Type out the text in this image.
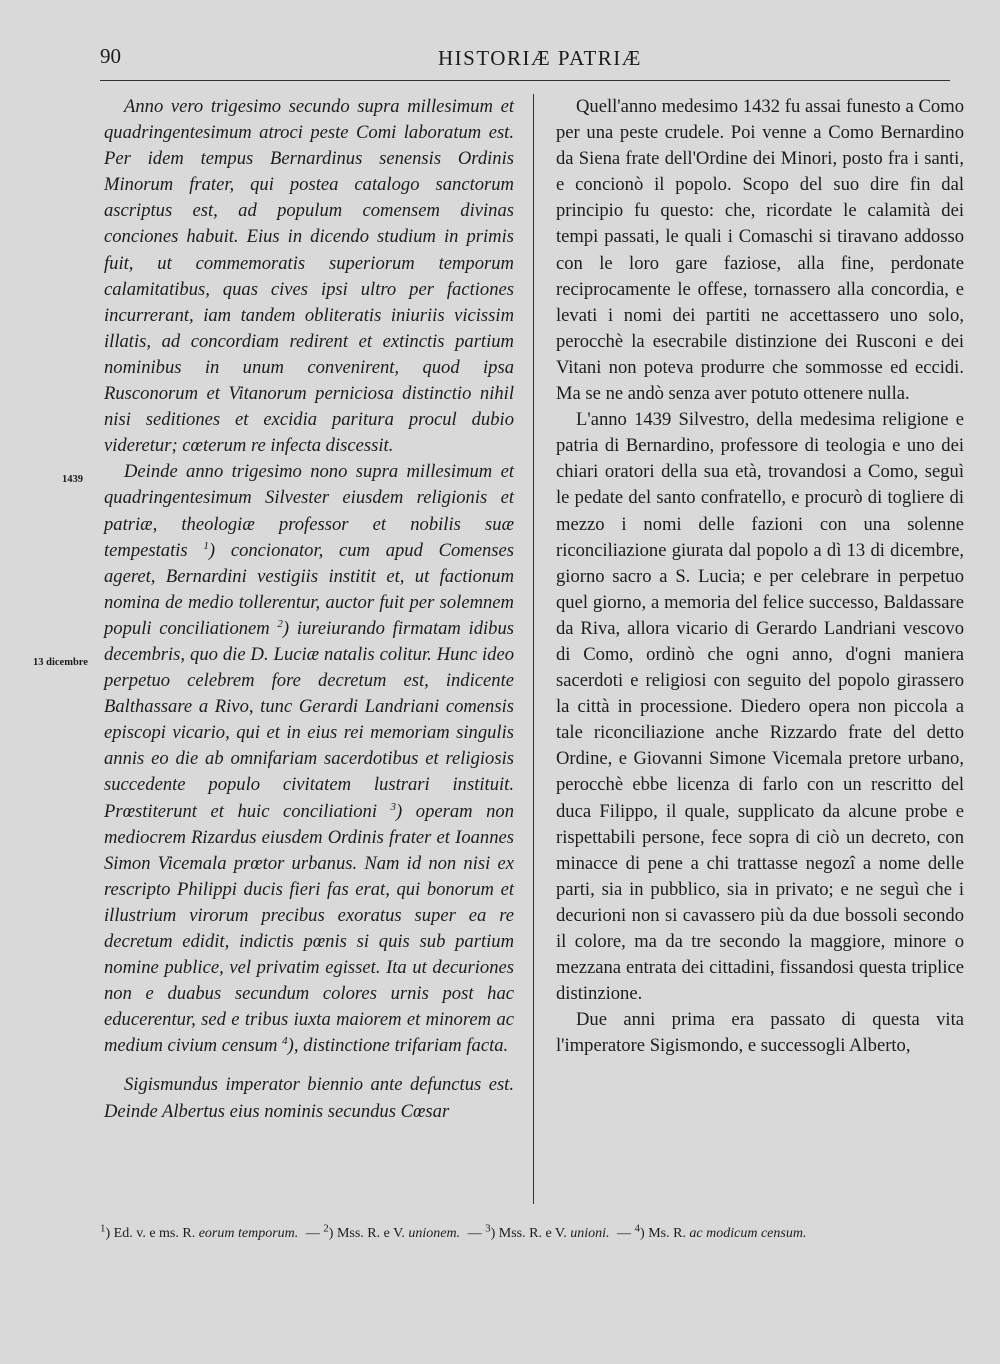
90	HISTORIÆ PATRIÆ
1439
13 dicembre

Anno vero trigesimo secundo supra millesimum et quadringentesimum atroci peste Comi laboratum est. Per idem tempus Bernardinus senensis Ordinis Minorum frater, qui postea catalogo sanctorum ascriptus est, ad populum comensem divinas conciones habuit. Eius in dicendo studium in primis fuit, ut commemoratis superiorum temporum calamitatibus, quas cives ipsi ultro per factiones incurrerant, iam tandem obliteratis iniuriis vicissim illatis, ad concordiam redirent et extinctis partium nominibus in unum convenirent, quod ipsa Rusconorum et Vitanorum perniciosa distinctio nihil nisi seditiones et excidia paritura procul dubio videretur; cœterum re infecta discessit.

Deinde anno trigesimo nono supra millesimum et quadringentesimum Silvester eiusdem religionis et patriæ, theologiæ professor et nobilis suæ tempestatis $^1$) concionator, cum apud Comenses ageret, Bernardini vestigiis institit et, ut factionum nomina de medio tollerentur, auctor fuit per solemnem populi conciliationem $^2$) iureiurando firmatam idibus decembris, quo die D. Luciæ natalis colitur. Hunc ideo perpetuo celebrem fore decretum est, indicente Balthassare a Rivo, tunc Gerardi Landriani comensis episcopi vicario, qui et in eius rei memoriam singulis annis eo die ab omnifariam sacerdotibus et religiosis succedente populo civitatem lustrari instituit. Prœstiterunt et huic conciliationi $^3$) operam non mediocrem Rizardus eiusdem Ordinis frater et Ioannes Simon Vicemala prœtor urbanus. Nam id non nisi ex rescripto Philippi ducis fieri fas erat, qui bonorum et illustrium virorum precibus exoratus super ea re decretum edidit, indictis pœnis si quis sub partium nomine publice, vel privatim egisset. Ita ut decuriones non e duabus secundum colores urnis post hac educerentur, sed e tribus iuxta maiorem et minorem ac medium civium censum $^4$), distinctione trifariam facta.

Sigismundus imperator biennio ante defunctus est. Deinde Albertus eius nominis secundus Cœsar

Quell'anno medesimo 1432 fu assai funesto a Como per una peste crudele. Poi venne a Como Bernardino da Siena frate dell'Ordine dei Minori, posto fra i santi, e concionò il popolo. Scopo del suo dire fin dal principio fu questo: che, ricordate le calamità dei tempi passati, le quali i Comaschi si tiravano addosso con le loro gare faziose, alla fine, perdonate reciprocamente le offese, tornassero alla concordia, e levati i nomi dei partiti ne accettassero uno solo, perocchè la esecrabile distinzione dei Rusconi e dei Vitani non poteva produrre che sommosse ed eccidi. Ma se ne andò senza aver potuto ottenere nulla.

L'anno 1439 Silvestro, della medesima religione e patria di Bernardino, professore di teologia e uno dei chiari oratori della sua età, trovandosi a Como, seguì le pedate del santo confratello, e procurò di togliere di mezzo i nomi delle fazioni con una solenne riconciliazione giurata dal popolo a dì 13 di dicembre, giorno sacro a S. Lucia; e per celebrare in perpetuo quel giorno, a memoria del felice successo, Baldassare da Riva, allora vicario di Gerardo Landriani vescovo di Como, ordinò che ogni anno, d'ogni maniera sacerdoti e religiosi con seguito del popolo girassero la città in processione. Diedero opera non piccola a tale riconciliazione anche Rizzardo frate del detto Ordine, e Giovanni Simone Vicemala pretore urbano, perocchè ebbe licenza di farlo con un rescritto del duca Filippo, il quale, supplicato da alcune probe e rispettabili persone, fece sopra di ciò un decreto, con minacce di pene a chi trattasse negozî a nome delle parti, sia in pubblico, sia in privato; e ne seguì che i decurioni non si cavassero più da due bossoli secondo il colore, ma da tre secondo la maggiore, minore o mezzana entrata dei cittadini, fissandosi questa triplice distinzione.

Due anni prima era passato di questa vita l'imperatore Sigismondo, e successogli Alberto,

$^1$) Ed. v. e ms. R. eorum temporum. — $^2$) Mss. R. e V. unionem. — $^3$) Mss. R. e V. unioni. — $^4$) Ms. R. ac modicum censum.
